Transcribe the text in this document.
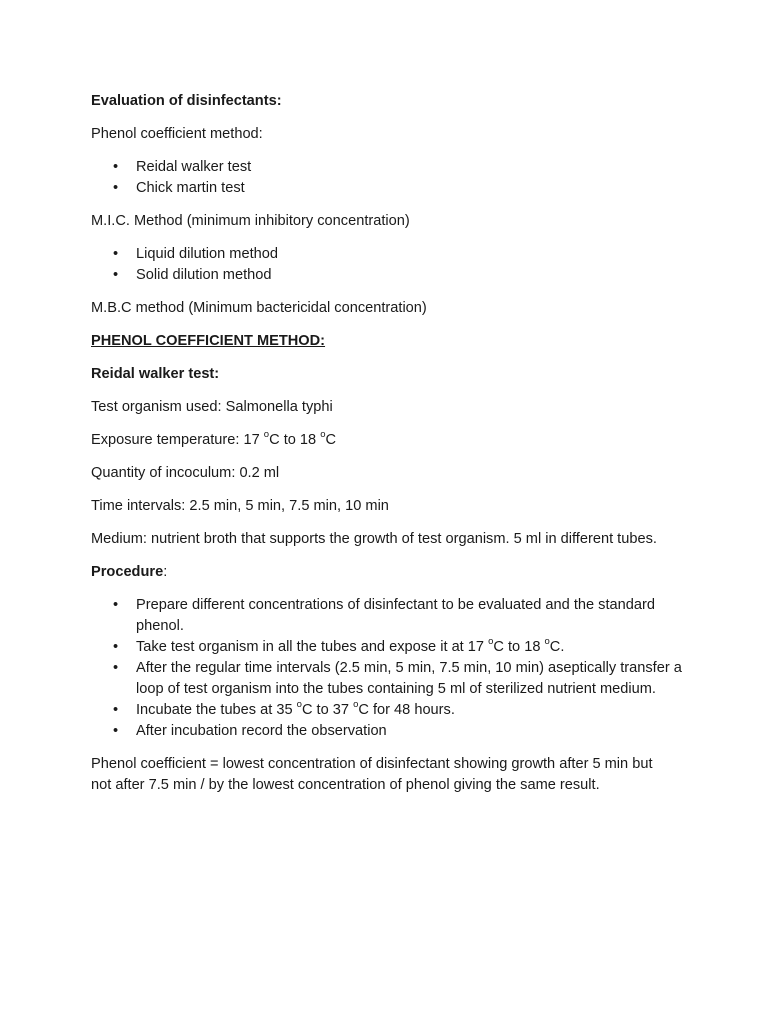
Evaluation of disinfectants:

Phenol coefficient method:

• Reidal walker test
• Chick martin test

M.I.C. Method (minimum inhibitory concentration)

• Liquid dilution method
• Solid dilution method

M.B.C method (Minimum bactericidal concentration)

PHENOL COEFFICIENT METHOD:

Reidal walker test:

Test organism used: Salmonella typhi

Exposure temperature: 17 $^o$C to 18 $^o$C

Quantity of incoculum: 0.2 ml

Time intervals: 2.5 min, 5 min, 7.5 min, 10 min

Medium: nutrient broth that supports the growth of test organism. 5 ml in different tubes.

Procedure:

• Prepare different concentrations of disinfectant to be evaluated and the standard phenol.
• Take test organism in all the tubes and expose it at 17 $^o$C to 18 $^o$C.
• After the regular time intervals (2.5 min, 5 min, 7.5 min, 10 min) aseptically transfer a loop of test organism into the tubes containing 5 ml of sterilized nutrient medium.
• Incubate the tubes at 35 $^o$C to 37 $^o$C for 48 hours.
• After incubation record the observation

Phenol coefficient = lowest concentration of disinfectant showing growth after 5 min but
not after 7.5 min / by the lowest concentration of phenol giving the same result.
